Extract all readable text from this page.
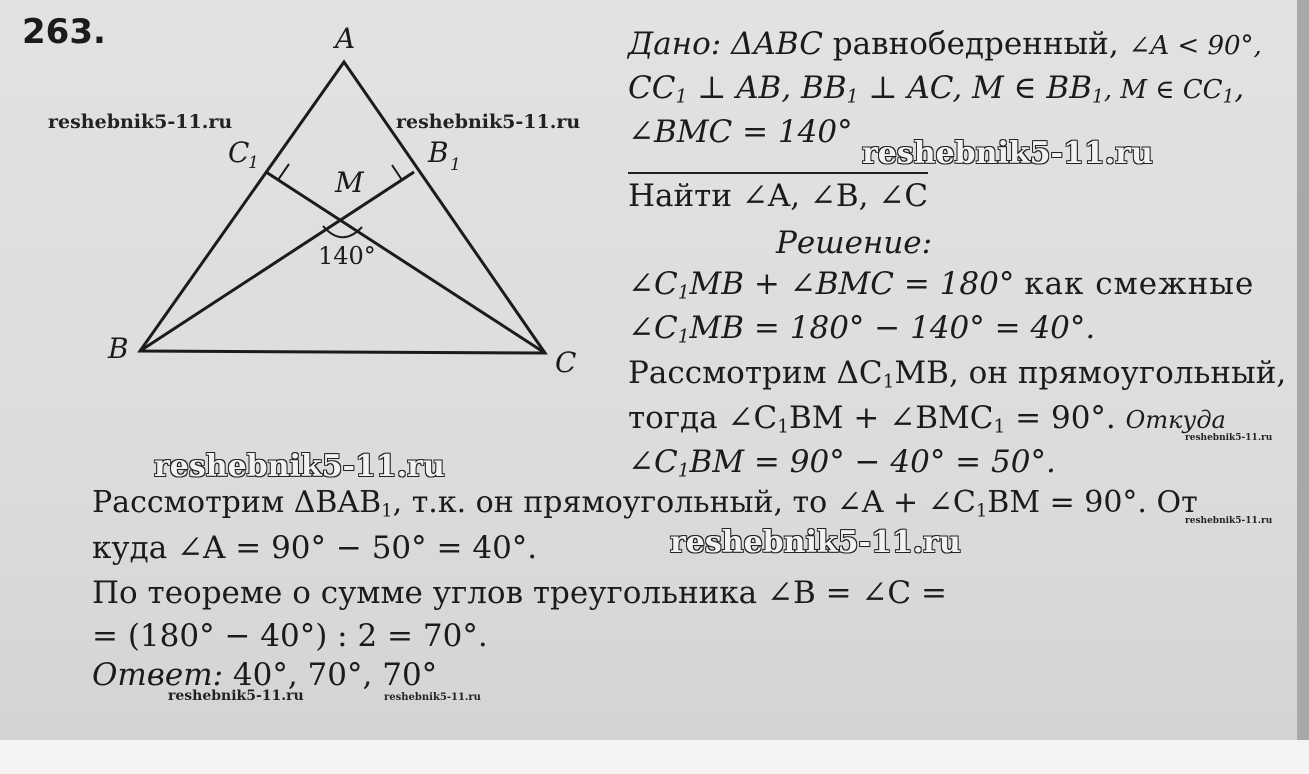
263.	A
B	C
C
1	B 1
M
140°
reshebnik5-11.ru	reshebnik5-11.ru
reshebnik5-11.ru
reshebnik5-11.ru
reshebnik5-11.ru
reshebnik5-11.ru
reshebnik5-11.ru
reshebnik5-11.ru	reshebnik5-11.ru
Дано: ΔABC равнобедренный, ∠A < 90°,
$CC_1$ ⊥ AB, $BB_1$ ⊥ AC, M ∈ $BB_1$, M ∈ $CC_1$,
∠BMC = 140°
Найти ∠A, ∠B, ∠C
Решение:
$\angle C_1MB$ + ∠BMC = 180° как смежные
$\angle C_1MB = 180^\circ - 140^\circ = 40^\circ$.
Рассмотрим $\Delta C_1MB$, он прямоугольный,
тогда $\angle C_1BM$ + $\angle BMC_1 = 90^\circ$. Откуда
$\angle C_1BM = 90^\circ - 40^\circ = 50^\circ$.
Рассмотрим $\Delta BAB_1$, т.к. он прямоугольный, то ∠A + $\angle C_1BM = 90^\circ$. От
куда ∠A = 90° − 50° = 40°.
По теореме о сумме углов треугольника ∠B = ∠C =
= (180° − 40°) : 2 = 70°.
Ответ: 40°, 70°, 70°
